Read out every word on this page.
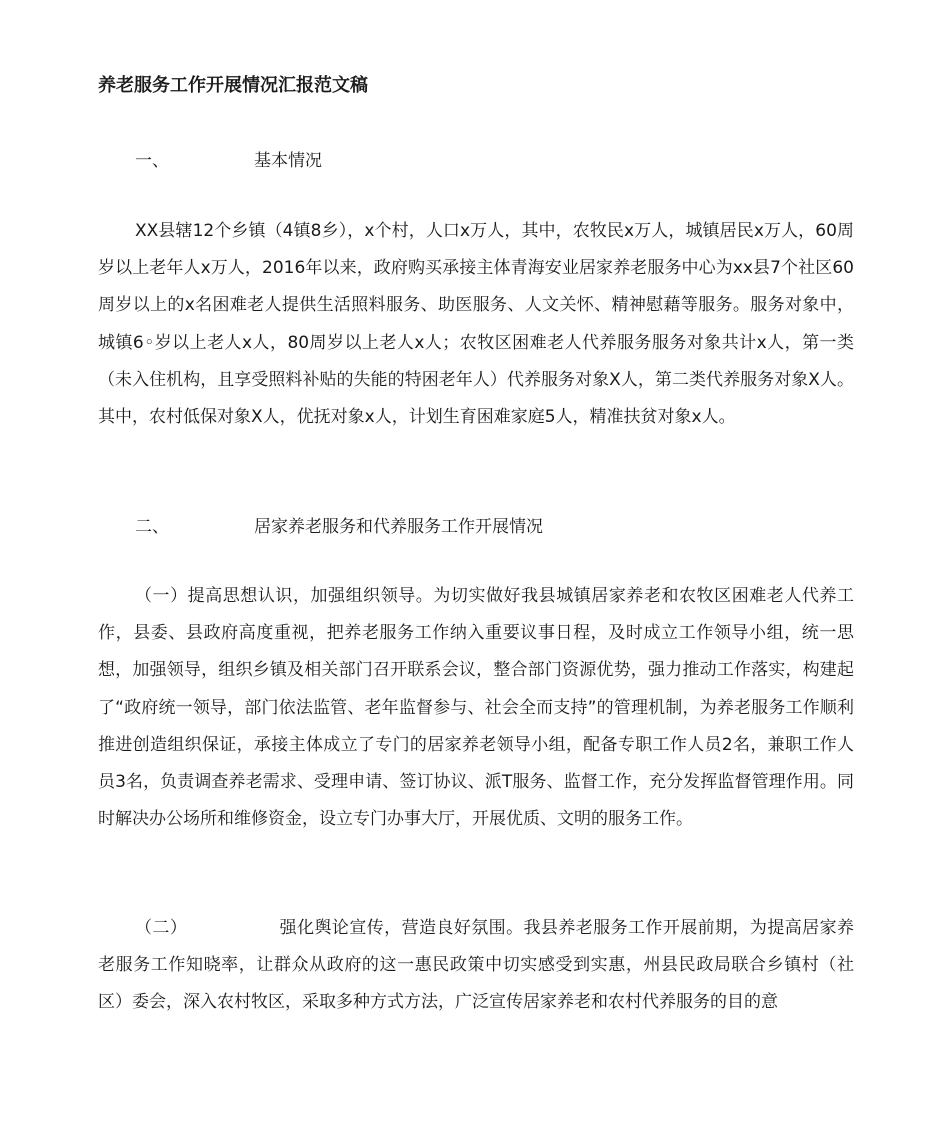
养老服务工作开展情况汇报范文稿

一、	基本情况

XX县辖12个乡镇（4镇8乡），x个村，人口x万人，其中，农牧民x万人，城镇居民x万人，60周岁以上老年人x万人，2016年以来，政府购买承接主体青海安业居家养老服务中心为xx县7个社区60周岁以上的x名困难老人提供生活照料服务、助医服务、人文关怀、精神慰藉等服务。服务对象中，城镇6◦岁以上老人x人，80周岁以上老人x人；农牧区困难老人代养服务服务对象共计x人，第一类（未入住机构，且享受照料补贴的失能的特困老年人）代养服务对象X人，第二类代养服务对象X人。其中，农村低保对象X人，优抚对象x人，计划生育困难家庭5人，精准扶贫对象x人。

二、	居家养老服务和代养服务工作开展情况

（一）提高思想认识，加强组织领导。为切实做好我县城镇居家养老和农牧区困难老人代养工作，县委、县政府高度重视，把养老服务工作纳入重要议事日程，及时成立工作领导小组，统一思想，加强领导，组织乡镇及相关部门召开联系会议，整合部门资源优势，强力推动工作落实，构建起了“政府统一领导，部门依法监管、老年监督参与、社会全而支持”的管理机制，为养老服务工作顺利推进创造组织保证，承接主体成立了专门的居家养老领导小组，配备专职工作人员2名，兼职工作人员3名，负责调查养老需求、受理申请、签订协议、派T服务、监督工作，充分发挥监督管理作用。同时解决办公场所和维修资金，设立专门办事大厅，开展优质、文明的服务工作。

（二）	强化舆论宣传，营造良好氛围。我县养老服务工作开展前期，为提高居家养老服务工作知晓率，让群众从政府的这一惠民政策中切实感受到实惠，州县民政局联合乡镇村（社区）委会，深入农村牧区，采取多种方式方法，广泛宣传居家养老和农村代养服务的目的意
